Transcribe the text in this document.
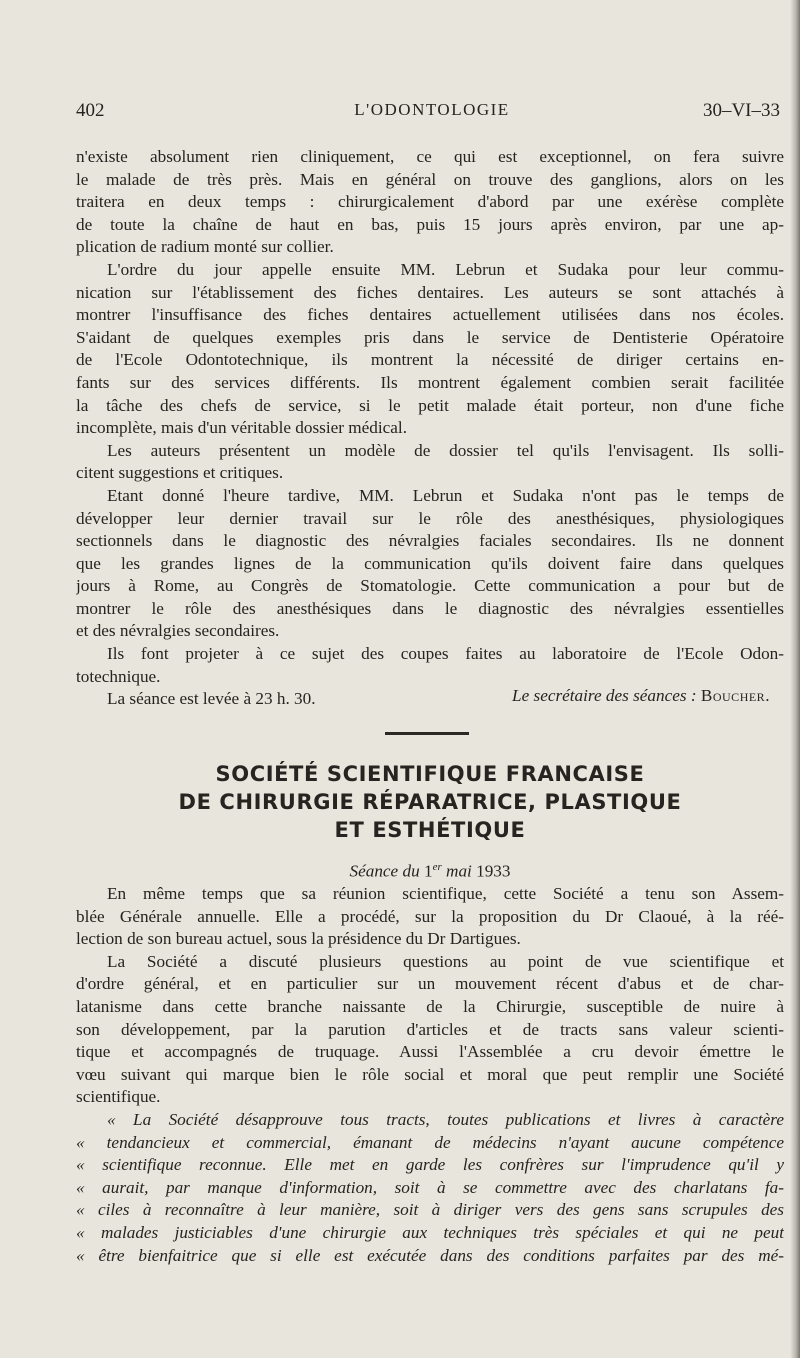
402	L'ODONTOLOGIE	30–VI–33
n'existe absolument rien cliniquement, ce qui est exceptionnel, on fera suivre
le malade de très près. Mais en général on trouve des ganglions, alors on les
traitera en deux temps : chirurgicalement d'abord par une exérèse complète
de toute la chaîne de haut en bas, puis 15 jours après environ, par une ap-
plication de radium monté sur collier.
L'ordre du jour appelle ensuite MM. Lebrun et Sudaka pour leur commu-
nication sur l'établissement des fiches dentaires. Les auteurs se sont attachés à
montrer l'insuffisance des fiches dentaires actuellement utilisées dans nos écoles.
S'aidant de quelques exemples pris dans le service de Dentisterie Opératoire
de l'Ecole Odontotechnique, ils montrent la nécessité de diriger certains en-
fants sur des services différents. Ils montrent également combien serait facilitée
la tâche des chefs de service, si le petit malade était porteur, non d'une fiche
incomplète, mais d'un véritable dossier médical.
Les auteurs présentent un modèle de dossier tel qu'ils l'envisagent. Ils solli-
citent suggestions et critiques.
Etant donné l'heure tardive, MM. Lebrun et Sudaka n'ont pas le temps de
développer leur dernier travail sur le rôle des anesthésiques, physiologiques
sectionnels dans le diagnostic des névralgies faciales secondaires. Ils ne donnent
que les grandes lignes de la communication qu'ils doivent faire dans quelques
jours à Rome, au Congrès de Stomatologie. Cette communication a pour but de
montrer le rôle des anesthésiques dans le diagnostic des névralgies essentielles
et des névralgies secondaires.
Ils font projeter à ce sujet des coupes faites au laboratoire de l'Ecole Odon-
totechnique.
La séance est levée à 23 h. 30.	Le secrétaire des séances : Boucher.
SOCIÉTÉ SCIENTIFIQUE FRANCAISE
DE CHIRURGIE RÉPARATRICE, PLASTIQUE
ET ESTHÉTIQUE
Séance du 1er mai 1933
En même temps que sa réunion scientifique, cette Société a tenu son Assem-
blée Générale annuelle. Elle a procédé, sur la proposition du Dr Claoué, à la réé-
lection de son bureau actuel, sous la présidence du Dr Dartigues.
La Société a discuté plusieurs questions au point de vue scientifique et
d'ordre général, et en particulier sur un mouvement récent d'abus et de char-
latanisme dans cette branche naissante de la Chirurgie, susceptible de nuire à
son développement, par la parution d'articles et de tracts sans valeur scienti-
tique et accompagnés de truquage. Aussi l'Assemblée a cru devoir émettre le
vœu suivant qui marque bien le rôle social et moral que peut remplir une Société
scientifique.
« La Société désapprouve tous tracts, toutes publications et livres à caractère
« tendancieux et commercial, émanant de médecins n'ayant aucune compétence
« scientifique reconnue. Elle met en garde les confrères sur l'imprudence qu'il y
« aurait, par manque d'information, soit à se commettre avec des charlatans fa-
« ciles à reconnaître à leur manière, soit à diriger vers des gens sans scrupules des
« malades justiciables d'une chirurgie aux techniques très spéciales et qui ne peut
« être bienfaitrice que si elle est exécutée dans des conditions parfaites par des mé-
